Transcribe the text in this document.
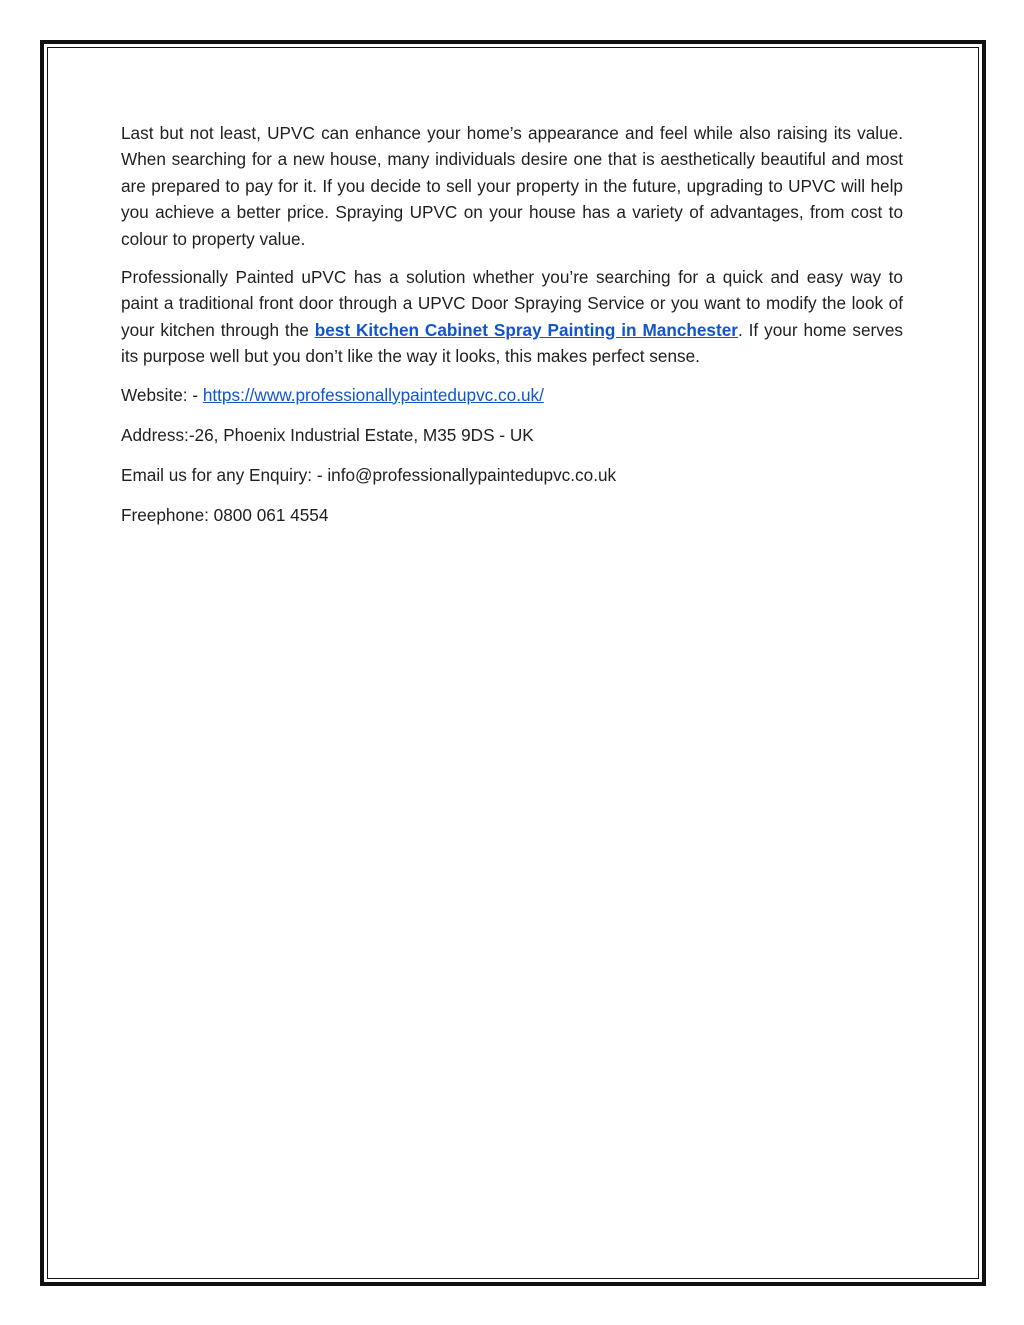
Last but not least, UPVC can enhance your home’s appearance and feel while also raising its value. When searching for a new house, many individuals desire one that is aesthetically beautiful and most are prepared to pay for it. If you decide to sell your property in the future, upgrading to UPVC will help you achieve a better price. Spraying UPVC on your house has a variety of advantages, from cost to colour to property value.

Professionally Painted uPVC has a solution whether you’re searching for a quick and easy way to paint a traditional front door through a UPVC Door Spraying Service or you want to modify the look of your kitchen through the best Kitchen Cabinet Spray Painting in Manchester. If your home serves its purpose well but you don’t like the way it looks, this makes perfect sense.

Website: - https://www.professionallypaintedupvc.co.uk/

Address:-26, Phoenix Industrial Estate, M35 9DS - UK

Email us for any Enquiry: - info@professionallypaintedupvc.co.uk

Freephone: 0800 061 4554
